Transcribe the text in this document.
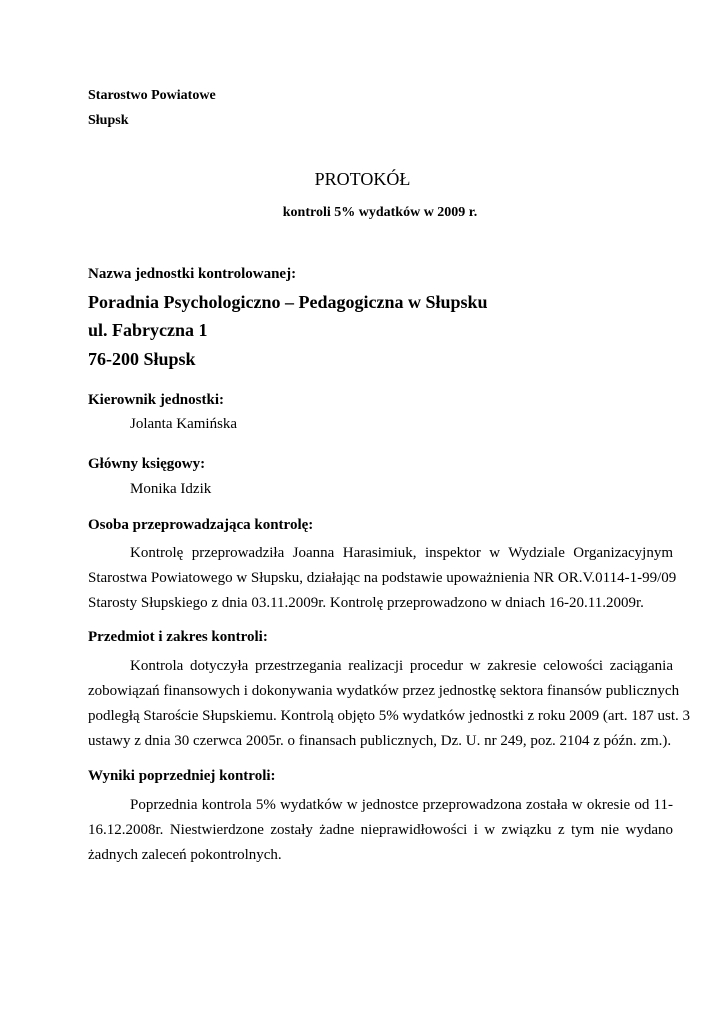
Starostwo Powiatowe
Słupsk
PROTOKÓŁ
kontroli 5% wydatków w 2009 r.
Nazwa jednostki kontrolowanej:
Poradnia Psychologiczno – Pedagogiczna w Słupsku
ul. Fabryczna 1
76-200 Słupsk
Kierownik jednostki:
Jolanta Kamińska
Główny księgowy:
Monika Idzik
Osoba przeprowadzająca kontrolę:
Kontrolę przeprowadziła Joanna Harasimiuk, inspektor w Wydziale Organizacyjnym
Starostwa Powiatowego w Słupsku, działając na podstawie upoważnienia NR OR.V.0114-1-99/09
Starosty Słupskiego z dnia 03.11.2009r. Kontrolę przeprowadzono w dniach 16-20.11.2009r.
Przedmiot i zakres kontroli:
Kontrola dotyczyła przestrzegania realizacji procedur w zakresie celowości zaciągania
zobowiązań finansowych i dokonywania wydatków przez jednostkę sektora finansów publicznych
podległą Staroście Słupskiemu. Kontrolą objęto 5% wydatków jednostki z roku 2009 (art. 187 ust. 3
ustawy z dnia 30 czerwca 2005r. o finansach publicznych, Dz. U. nr 249, poz. 2104 z późn. zm.).
Wyniki poprzedniej kontroli:
Poprzednia kontrola 5% wydatków w jednostce przeprowadzona została w okresie od 11-
16.12.2008r. Niestwierdzone zostały żadne nieprawidłowości i w związku z tym nie wydano
żadnych zaleceń pokontrolnych.
